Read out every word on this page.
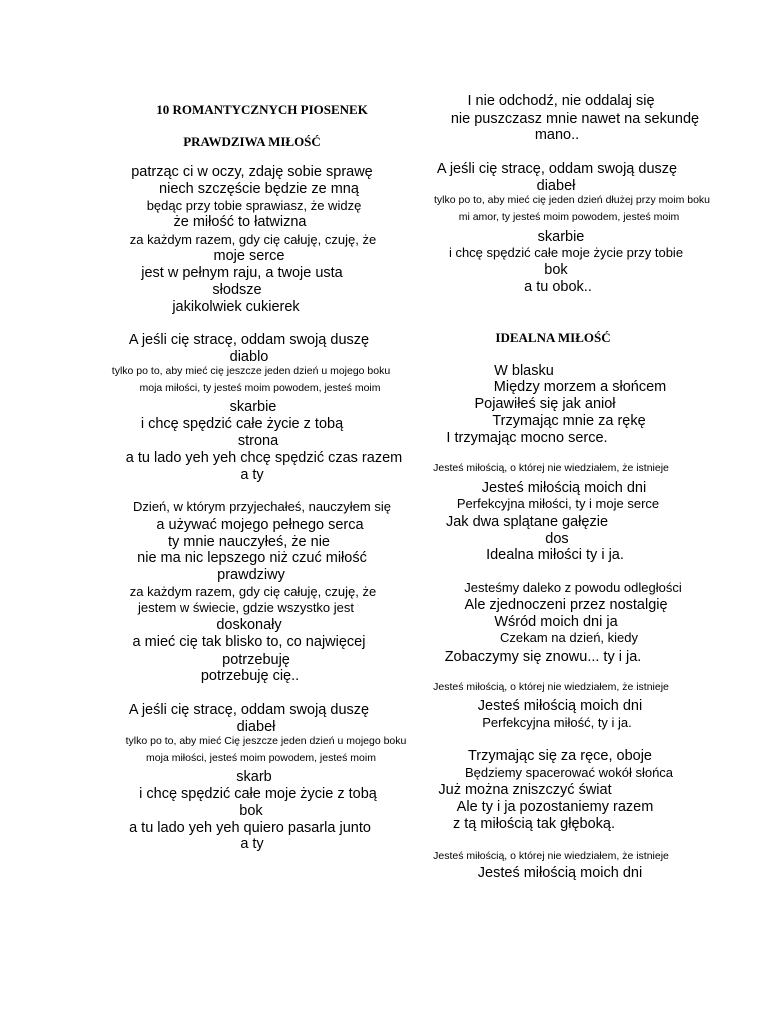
10 ROMANTYCZNYCH PIOSENEK
PRAWDZIWA MIŁOŚĆ
patrząc ci w oczy, zdaję sobie sprawę
niech szczęście będzie ze mną
będąc przy tobie sprawiasz, że widzę
że miłość to łatwizna
za każdym razem, gdy cię całuję, czuję, że
moje serce
jest w pełnym raju, a twoje usta
słodsze
jakikolwiek cukierek
A jeśli cię stracę, oddam swoją duszę
diablo
tylko po to, aby mieć cię jeszcze jeden dzień u mojego boku
moja miłości, ty jesteś moim powodem, jesteś moim
skarbie
i chcę spędzić całe życie z tobą
strona
a tu lado yeh yeh chcę spędzić czas razem
a ty
Dzień, w którym przyjechałeś, nauczyłem się
a używać mojego pełnego serca
ty mnie nauczyłeś, że nie
nie ma nic lepszego niż czuć miłość
prawdziwy
za każdym razem, gdy cię całuję, czuję, że
jestem w świecie, gdzie wszystko jest
doskonały
a mieć cię tak blisko to, co najwięcej
potrzebuję
potrzebuję cię..
A jeśli cię stracę, oddam swoją duszę
diabeł
tylko po to, aby mieć Cię jeszcze jeden dzień u mojego boku
moja miłości, jesteś moim powodem, jesteś moim
skarb
i chcę spędzić całe moje życie z tobą
bok
a tu lado yeh yeh quiero pasarla junto
a ty
I nie odchodź, nie oddalaj się
nie puszczasz mnie nawet na sekundę
mano..
A jeśli cię stracę, oddam swoją duszę
diabeł
tylko po to, aby mieć cię jeden dzień dłużej przy moim boku
mi amor, ty jesteś moim powodem, jesteś moim
skarbie
i chcę spędzić całe moje życie przy tobie
bok
a tu obok..
IDEALNA MIŁOŚĆ
W blasku
Między morzem a słońcem
Pojawiłeś się jak anioł
Trzymając mnie za rękę
I trzymając mocno serce.
Jesteś miłością, o której nie wiedziałem, że istnieje
Jesteś miłością moich dni
Perfekcyjna miłości, ty i moje serce
Jak dwa splątane gałęzie
dos
Idealna miłości ty i ja.
Jesteśmy daleko z powodu odległości
Ale zjednoczeni przez nostalgię
Wśród moich dni ja
Czekam na dzień, kiedy
Zobaczymy się znowu... ty i ja.
Jesteś miłością, o której nie wiedziałem, że istnieje
Jesteś miłością moich dni
Perfekcyjna miłość, ty i ja.
Trzymając się za ręce, oboje
Będziemy spacerować wokół słońca
Już można zniszczyć świat
Ale ty i ja pozostaniemy razem
z tą miłością tak głęboką.
Jesteś miłością, o której nie wiedziałem, że istnieje
Jesteś miłością moich dni
